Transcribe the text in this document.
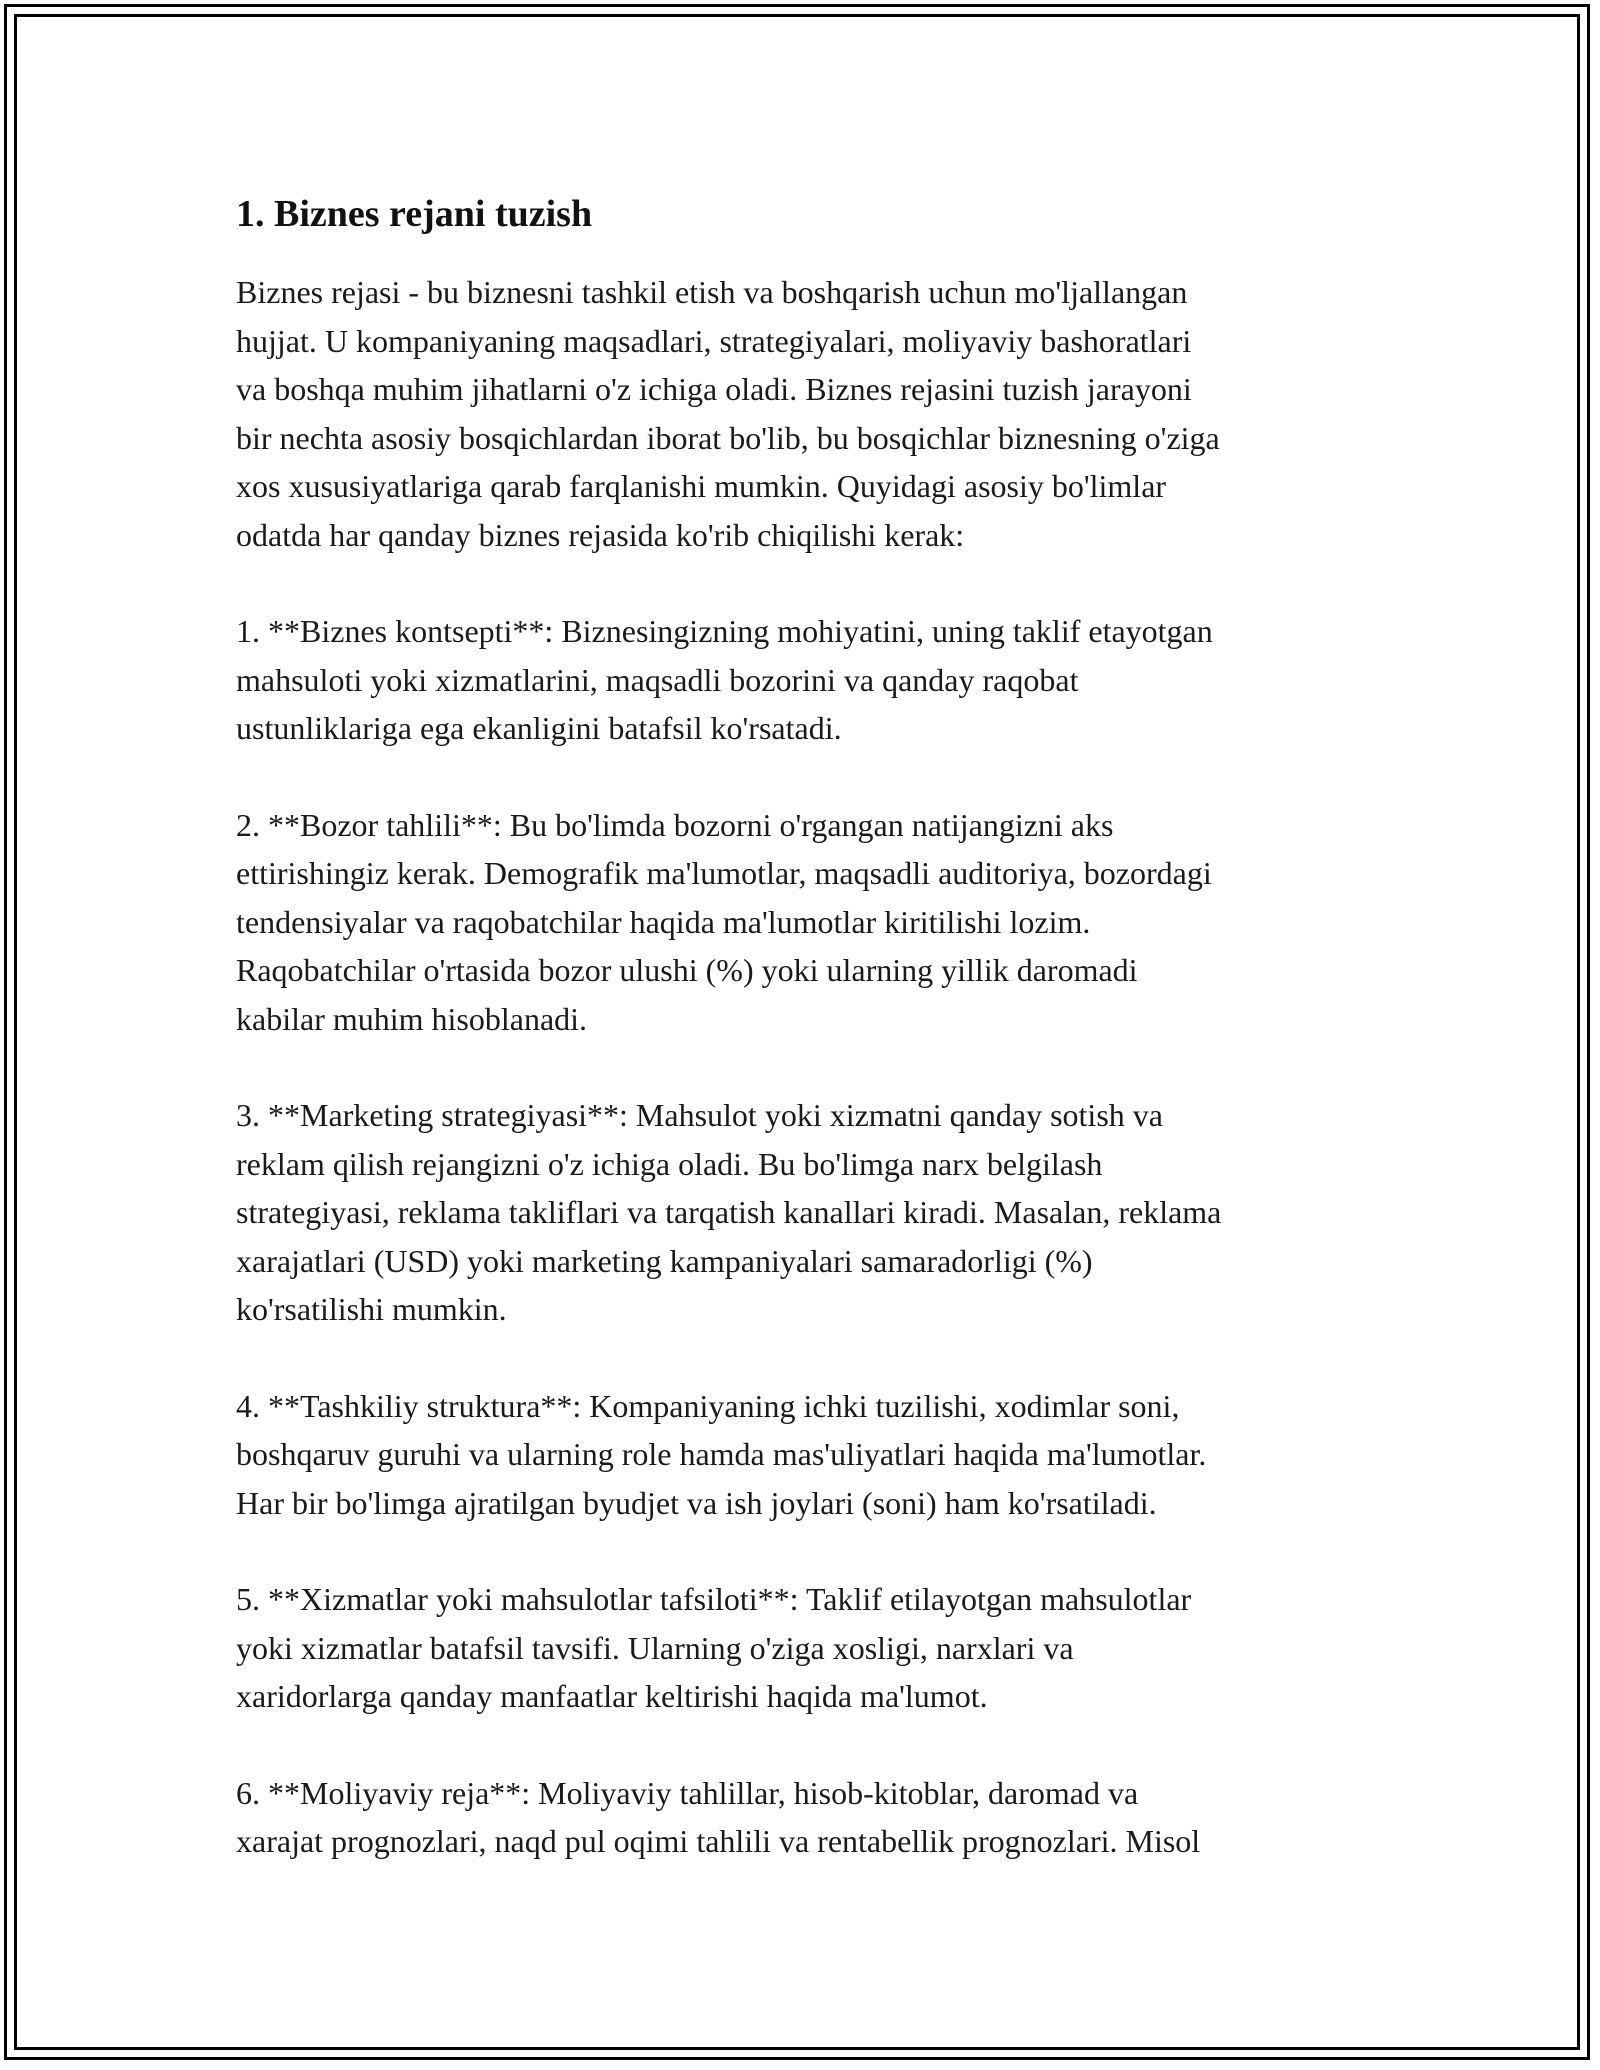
1. Biznes rejani tuzish

Biznes rejasi - bu biznesni tashkil etish va boshqarish uchun mo'ljallangan
hujjat. U kompaniyaning maqsadlari, strategiyalari, moliyaviy bashoratlari
va boshqa muhim jihatlarni o'z ichiga oladi. Biznes rejasini tuzish jarayoni
bir nechta asosiy bosqichlardan iborat bo'lib, bu bosqichlar biznesning o'ziga
xos xususiyatlariga qarab farqlanishi mumkin. Quyidagi asosiy bo'limlar
odatda har qanday biznes rejasida ko'rib chiqilishi kerak:

1. **Biznes kontsepti**: Biznesingizning mohiyatini, uning taklif etayotgan
mahsuloti yoki xizmatlarini, maqsadli bozorini va qanday raqobat
ustunliklariga ega ekanligini batafsil ko'rsatadi.

2. **Bozor tahlili**: Bu bo'limda bozorni o'rgangan natijangizni aks
ettirishingiz kerak. Demografik ma'lumotlar, maqsadli auditoriya, bozordagi
tendensiyalar va raqobatchilar haqida ma'lumotlar kiritilishi lozim.
Raqobatchilar o'rtasida bozor ulushi (%) yoki ularning yillik daromadi
kabilar muhim hisoblanadi.

3. **Marketing strategiyasi**: Mahsulot yoki xizmatni qanday sotish va
reklam qilish rejangizni o'z ichiga oladi. Bu bo'limga narx belgilash
strategiyasi, reklama takliflari va tarqatish kanallari kiradi. Masalan, reklama
xarajatlari (USD) yoki marketing kampaniyalari samaradorligi (%)
ko'rsatilishi mumkin.

4. **Tashkiliy struktura**: Kompaniyaning ichki tuzilishi, xodimlar soni,
boshqaruv guruhi va ularning role hamda mas'uliyatlari haqida ma'lumotlar.
Har bir bo'limga ajratilgan byudjet va ish joylari (soni) ham ko'rsatiladi.

5. **Xizmatlar yoki mahsulotlar tafsiloti**: Taklif etilayotgan mahsulotlar
yoki xizmatlar batafsil tavsifi. Ularning o'ziga xosligi, narxlari va
xaridorlarga qanday manfaatlar keltirishi haqida ma'lumot.

6. **Moliyaviy reja**: Moliyaviy tahlillar, hisob-kitoblar, daromad va
xarajat prognozlari, naqd pul oqimi tahlili va rentabellik prognozlari. Misol
